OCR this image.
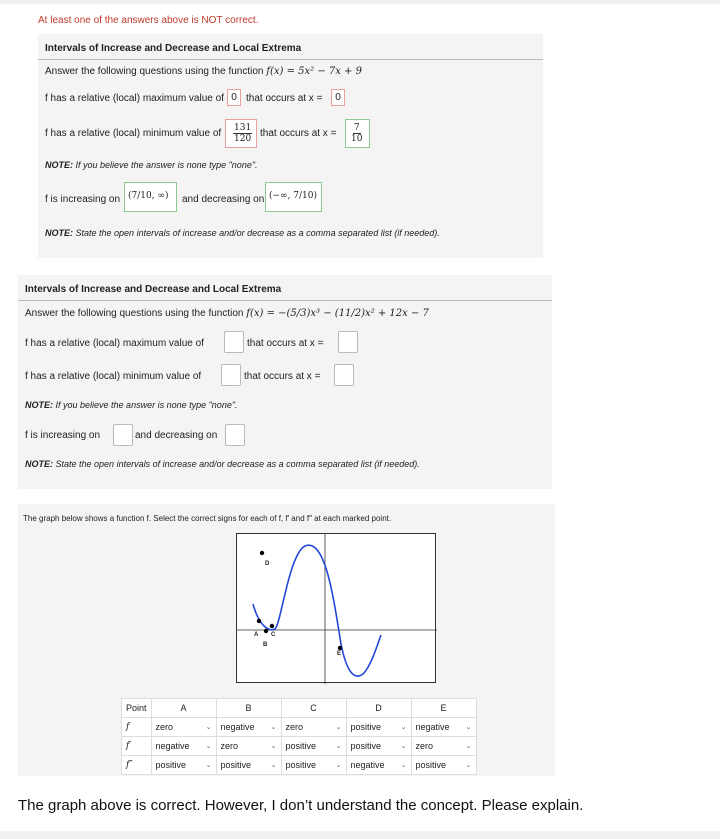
At least one of the answers above is NOT correct.
Intervals of Increase and Decrease and Local Extrema
Answer the following questions using the function f(x) = 5x² − 7x + 9
f has a relative (local) maximum value of 0 that occurs at x =	0
f has a relative (local) minimum value of $\frac{131}{120}$ that occurs at $x = \frac{7}{10}$
NOTE: If you believe the answer is none type "none".
f is increasing on (7/10, ∞) and decreasing on (−∞, 7/10)
NOTE: State the open intervals of increase and/or decrease as a comma separated list (if needed).
Intervals of Increase and Decrease and Local Extrema
Answer the following questions using the function f(x) = −(5/3)x³ − (11/2)x² + 12x − 7
f has a relative (local) maximum value of	that occurs at x =
f has a relative (local) minimum value of	that occurs at x =
NOTE: If you believe the answer is none type "none".
f is increasing on	and decreasing on
NOTE: State the open intervals of increase and/or decrease as a comma separated list (if needed).
The graph below shows a function f. Select the correct signs for each of f, f′ and f″ at each marked point.
A
B
C
D
E
Point	A	B	C	D	E
f	zero ⌄	negative ⌄	zero ⌄	positive ⌄	negative ⌄

f′	negative ⌄	zero ⌄	positive ⌄	positive ⌄	zero ⌄

f″	positive ⌄	positive ⌄	positive ⌄	negative ⌄	positive ⌄
The graph above is correct. However, I don’t understand the concept. Please explain.
